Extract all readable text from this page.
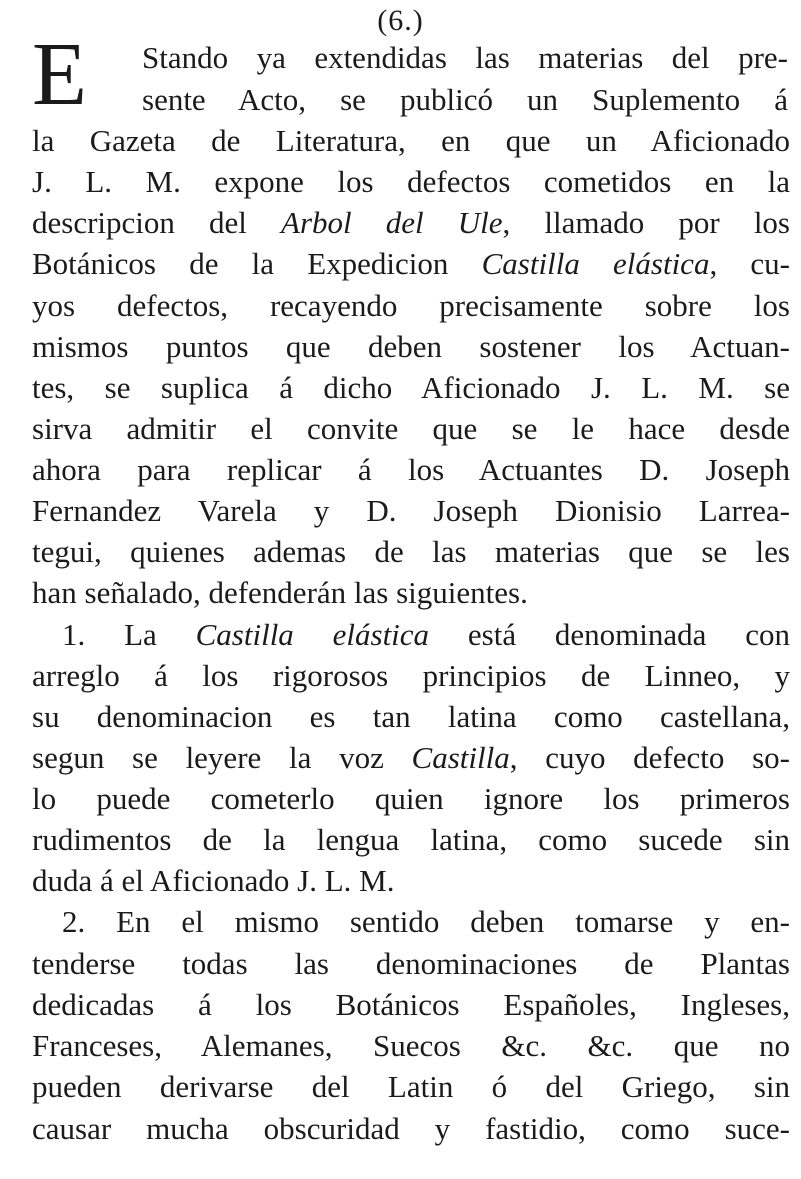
(6.)
E	Stando ya extendidas las materias del pre-
sente Acto, se publicó un Suplemento á
la Gazeta de Literatura, en que un Aficionado
J. L. M. expone los defectos cometidos en la
descripcion del Arbol del Ule, llamado por los
Botánicos de la Expedicion Castilla elástica, cu-
yos defectos, recayendo precisamente sobre los
mismos puntos que deben sostener los Actuan-
tes, se suplica á dicho Aficionado J. L. M. se
sirva admitir el convite que se le hace desde
ahora para replicar á los Actuantes D. Joseph
Fernandez Varela y D. Joseph Dionisio Larrea-
tegui, quienes ademas de las materias que se les
han señalado, defenderán las siguientes.
1. La Castilla elástica está denominada con
arreglo á los rigorosos principios de Linneo, y
su denominacion es tan latina como castellana,
segun se leyere la voz Castilla, cuyo defecto so-
lo puede cometerlo quien ignore los primeros
rudimentos de la lengua latina, como sucede sin
duda á el Aficionado J. L. M.
2. En el mismo sentido deben tomarse y en-
tenderse todas las denominaciones de Plantas
dedicadas á los Botánicos Españoles, Ingleses,
Franceses, Alemanes, Suecos &c. &c. que no
pueden derivarse del Latin ó del Griego, sin
causar mucha obscuridad y fastidio, como suce-
